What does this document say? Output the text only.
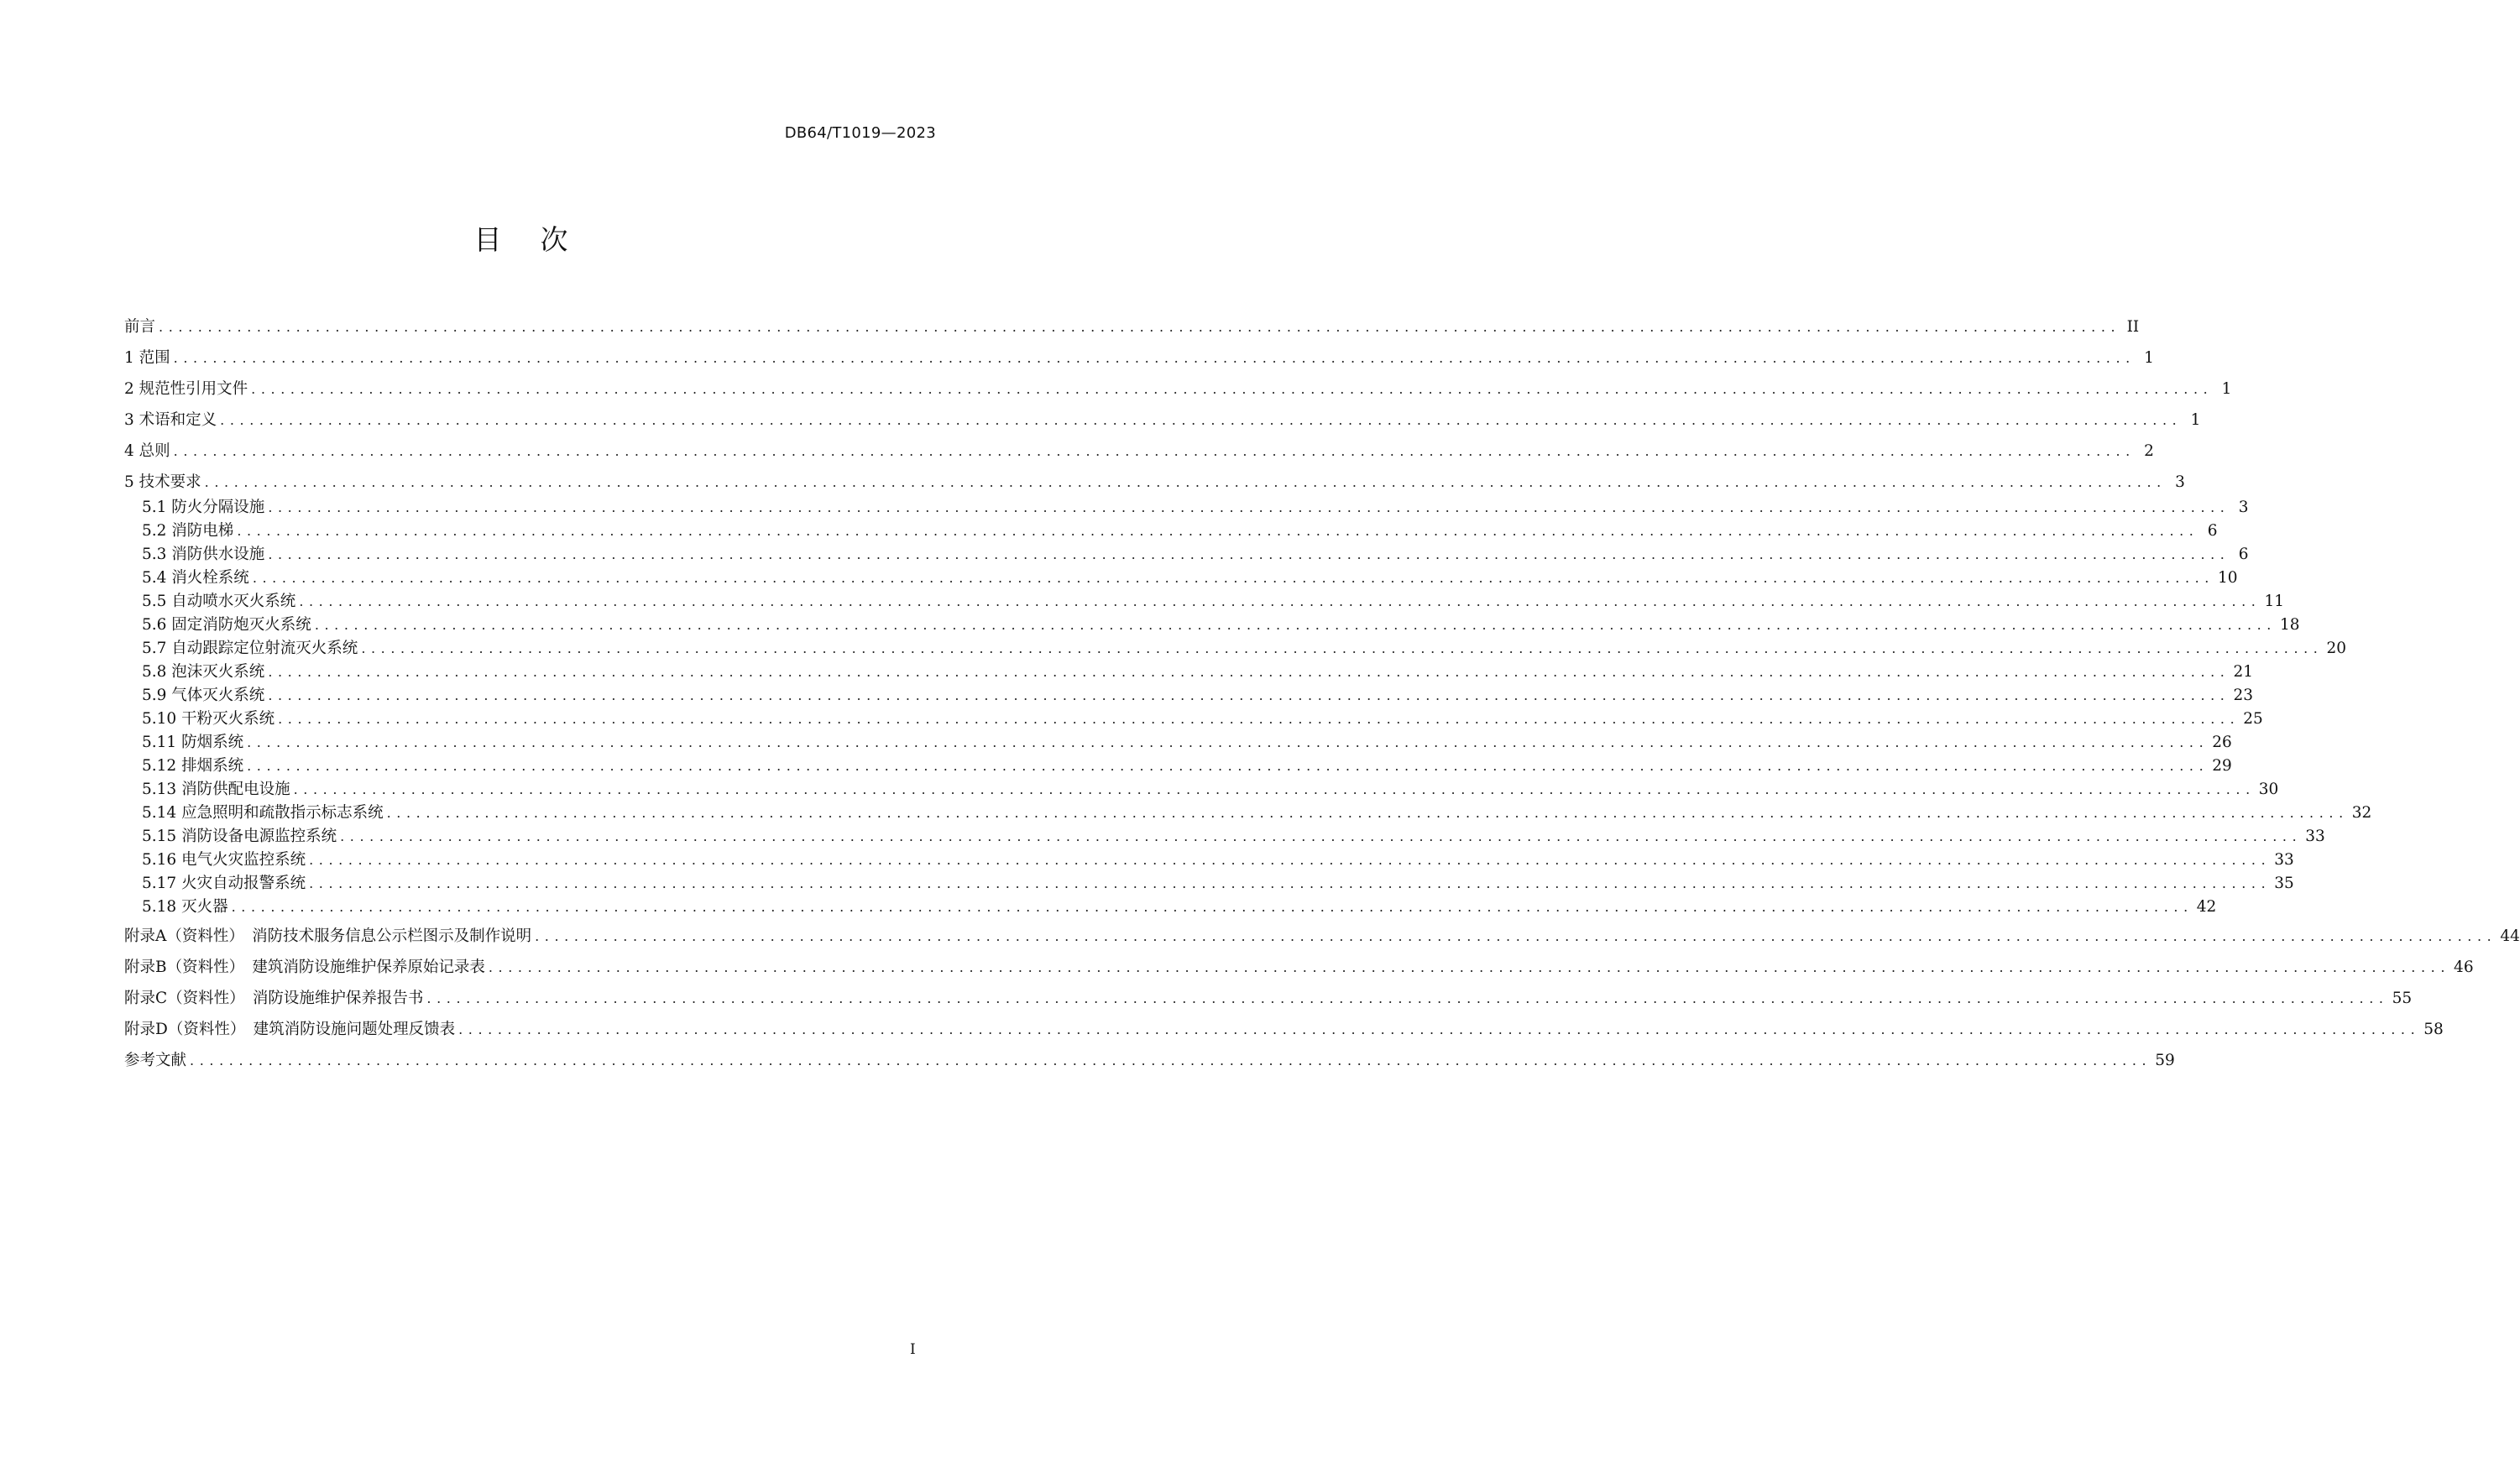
DB64/T1019—2023
目次
前言 ........................................................................................................................................................................................................ II
1 范围 ........................................................................................................................................................................................................ 1
2 规范性引用文件 ........................................................................................................................................................................................................ 1
3 术语和定义 ........................................................................................................................................................................................................ 1
4 总则 ........................................................................................................................................................................................................ 2
5 技术要求 ........................................................................................................................................................................................................ 3
5.1 防火分隔设施 ........................................................................................................................................................................................................ 3
5.2 消防电梯 ........................................................................................................................................................................................................ 6
5.3 消防供水设施 ........................................................................................................................................................................................................ 6
5.4 消火栓系统 ........................................................................................................................................................................................................ 10
5.5 自动喷水灭火系统 ........................................................................................................................................................................................................ 11
5.6 固定消防炮灭火系统 ........................................................................................................................................................................................................ 18
5.7 自动跟踪定位射流灭火系统 ........................................................................................................................................................................................................ 20
5.8 泡沫灭火系统 ........................................................................................................................................................................................................ 21
5.9 气体灭火系统 ........................................................................................................................................................................................................ 23
5.10 干粉灭火系统 ........................................................................................................................................................................................................ 25
5.11 防烟系统 ........................................................................................................................................................................................................ 26
5.12 排烟系统 ........................................................................................................................................................................................................ 29
5.13 消防供配电设施 ........................................................................................................................................................................................................ 30
5.14 应急照明和疏散指示标志系统 ........................................................................................................................................................................................................ 32
5.15 消防设备电源监控系统 ........................................................................................................................................................................................................ 33
5.16 电气火灾监控系统 ........................................................................................................................................................................................................ 33
5.17 火灾自动报警系统 ........................................................................................................................................................................................................ 35
5.18 灭火器 ........................................................................................................................................................................................................ 42
附录A（资料性）　消防技术服务信息公示栏图示及制作说明 ........................................................................................................................................................................................................ 44
附录B（资料性）　建筑消防设施维护保养原始记录表 ........................................................................................................................................................................................................ 46
附录C（资料性）　消防设施维护保养报告书 ........................................................................................................................................................................................................ 55
附录D（资料性）　建筑消防设施问题处理反馈表 ........................................................................................................................................................................................................ 58
参考文献 ........................................................................................................................................................................................................ 59
I
